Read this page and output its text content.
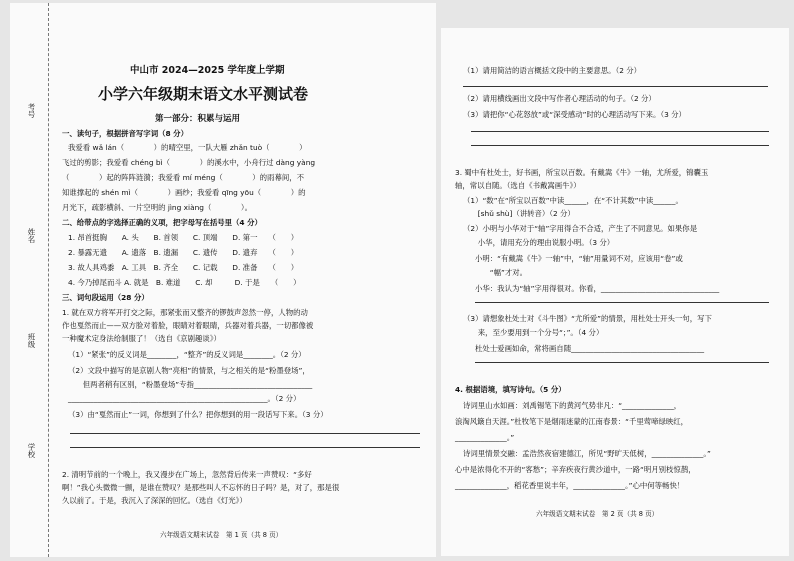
考号
姓名
班级
学校
中山市 2024—2025 学年度上学期
小学六年级期末语文水平测试卷
第一部分：积累与运用
一、读句子，根据拼音写字词（8 分）
我爱看 wǎ lán（　　　　）的晴空里，一队大雁 zhǎn tuò（　　　　）
飞过的剪影；我爱看 chéng bì（　　　　）的溪水中，小舟行过 dàng yàng
（　　　　）起的阵阵涟漪；我爱看 mí méng（　　　　）的雨幕间，不
知谁撑起的 shén mì（　　　　）画纱；我爱看 qīng yōu（　　　　）的
月光下，疏影横斜、一片空明的 jìng xiàng（　　　　）。
二、给带点的字选择正确的义项，把字母写在括号里（4 分）
1. 昂首挺胸　　A. 头　　B. 首领　　C. 顶端　　D. 第一　　（　　）
2. 暴露无遗　　A. 遗落　B. 遗漏　　C. 遗传　　D. 遗弃　　（　　）
3. 故人具鸡黍　A. 工具　B. 齐全　　C. 记载　　D. 准备　　（　　）
4. 今乃掉尾而斗 A. 就是　B. 难道　　C. 却　　　D. 于是　　（　　）
三、词句段运用（28 分）
1. 就在双方将军开打交之际，那紧张而又整齐的锣鼓声忽然一停，人物的动
作也戛然而止——双方脸对着脸，眼睛对着眼睛，兵器对着兵器，一切都像被
一种魔术定身法给制服了！（选自《京剧趣谈》）
（1）“紧张”的反义词是________，“整齐”的反义词是________。（2 分）
（2）文段中描写的是京剧人物“亮相”的情景，与之相关的是“粉墨登场”，
　　但两者稍有区别，“粉墨登场”专指________________________________
______________________________________________________。（2 分）
（3）由“戛然而止”一词，你想到了什么？把你想到的用一段话写下来。（3 分）
2. 清明节前的一个晚上，我又漫步在广场上，忽然背后传来一声赞叹：“多好
啊！”我心头微微一颤，是谁在赞叹？是那些叫人不忘怀的日子吗？是，对了，那是很
久以前了。于是，我沉入了深深的回忆。（选自《灯光》）
六年级语文期末试卷　第 1 页（共 8 页）
（1）请用简洁的语言概括文段中的主要意思。（2 分）
（2）请用横线画出文段中写作者心理活动的句子。（2 分）
（3）请把你“心花怒放”或“深受感动”时的心理活动写下来。（3 分）
3. 蜀中有杜处士，好书画，所宝以百数。有戴嵩《牛》一轴，尤所爱，锦囊玉
轴，常以自随。（选自《书戴嵩画牛》）
（1）“数”在“所宝以百数”中读______，在“不计其数”中读______。
　　[shǔ shù]（讲转音）（2 分）
（2）小明与小华对于“轴”字用得合不合适，产生了不同意见。如果你是
　　小华，请用充分的理由说服小明。（3 分）
小明：“有戴嵩《牛》一轴”中，“轴”用量词不对，应该用“卷”或
　　“幅”才对。
小华：我认为“轴”字用得很对。你看，________________________________
（3）请想象杜处士对《斗牛图》“尤所爱”的情景，用杜处士开头一句，写下
　　来，至少要用到一个分号“；”。（4 分）
杜处士爱画如命，常将画自随____________________________________
4. 根据语境，填写诗句。（5 分）
诗词里山水如画：刘禹锡笔下的黄河气势非凡：“______________，
浪淘风簸自天涯。”杜牧笔下是烟雨迷蒙的江南春景：“千里莺啼绿映红，
______________。”
诗词里情景交融：孟浩然夜宿建德江，所见“野旷天低树，______________。”
心中是浓得化不开的“客愁”；辛弃疾夜行黄沙道中，一路“明月别枝惊鹊，
______________，稻花香里说丰年，______________。”心中何等畅快！
六年级语文期末试卷　第 2 页（共 8 页）
